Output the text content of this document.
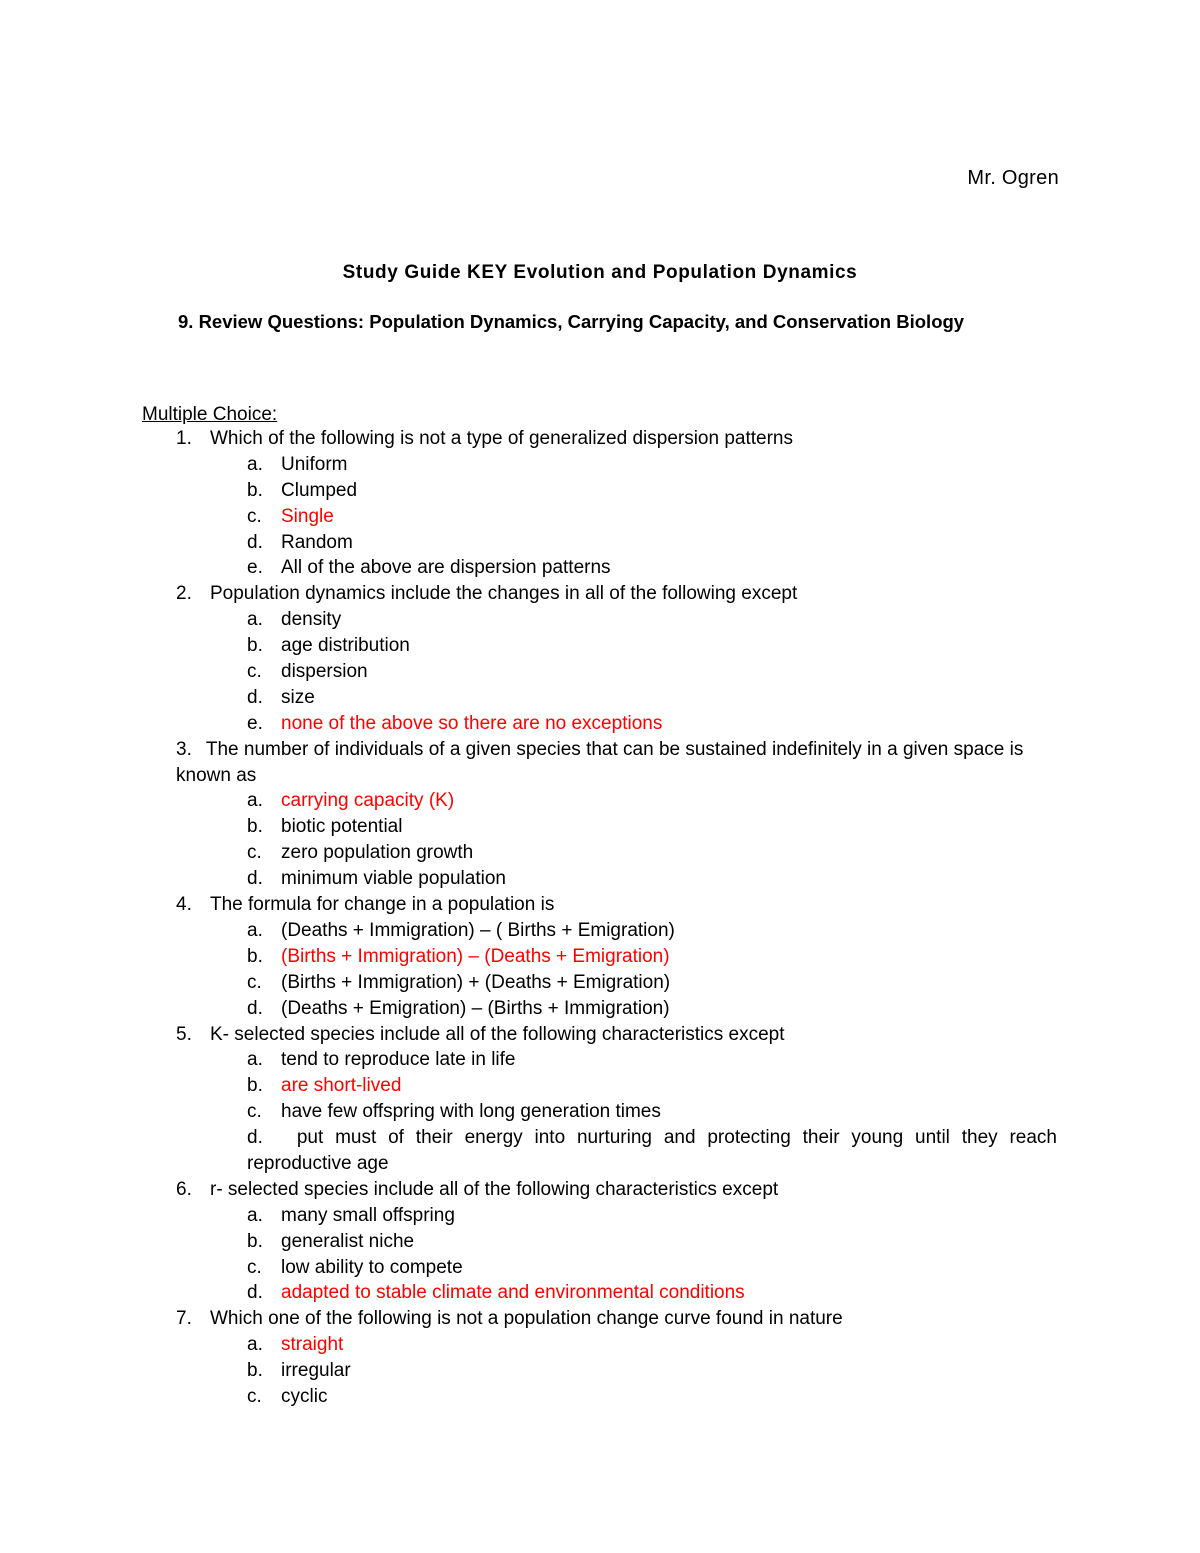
Mr. Ogren
Study Guide KEY Evolution and Population Dynamics
9. Review Questions: Population Dynamics, Carrying Capacity, and Conservation Biology
Multiple Choice:
1. Which of the following is not a type of generalized dispersion patterns
a. Uniform
b. Clumped
c. Single
d. Random
e. All of the above are dispersion patterns
2. Population dynamics include the changes in all of the following except
a. density
b. age distribution
c. dispersion
d. size
e. none of the above so there are no exceptions
3. The number of individuals of a given species that can be sustained indefinitely in a given space is known as
a. carrying capacity (K)
b. biotic potential
c. zero population growth
d. minimum viable population
4. The formula for change in a population is
a. (Deaths + Immigration) – ( Births + Emigration)
b. (Births + Immigration) – (Deaths + Emigration)
c. (Births + Immigration) + (Deaths + Emigration)
d. (Deaths + Emigration) – (Births + Immigration)
5. K- selected species include all of the following characteristics except
a. tend to reproduce late in life
b. are short-lived
c. have few offspring with long generation times
d. put must of their energy into nurturing and protecting their young until they reach reproductive age
6. r- selected species include all of the following characteristics except
a. many small offspring
b. generalist niche
c. low ability to compete
d. adapted to stable climate and environmental conditions
7. Which one of the following is not a population change curve found in nature
a. straight
b. irregular
c. cyclic
